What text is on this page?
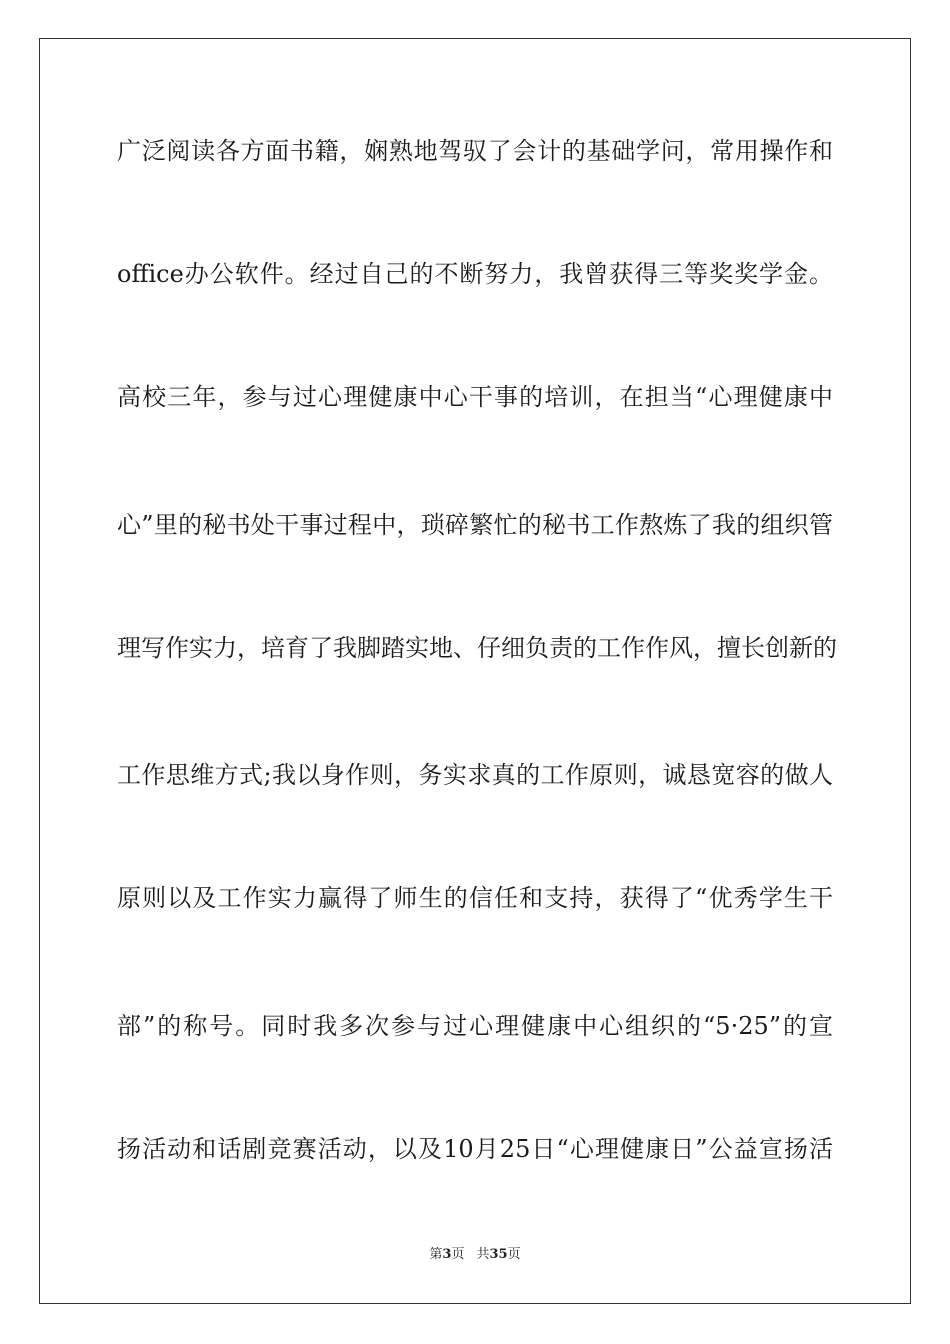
广泛阅读各方面书籍，娴熟地驾驭了会计的基础学问，常用操作和
office办公软件。经过自己的不断努力，我曾获得三等奖奖学金。
高校三年，参与过心理健康中心干事的培训，在担当“心理健康中
心”里的秘书处干事过程中，琐碎繁忙的秘书工作熬炼了我的组织管
理写作实力，培育了我脚踏实地、仔细负责的工作作风，擅长创新的
工作思维方式;我以身作则，务实求真的工作原则，诚恳宽容的做人
原则以及工作实力赢得了师生的信任和支持，获得了“优秀学生干
部”的称号。同时我多次参与过心理健康中心组织的“5·25”的宣
扬活动和话剧竞赛活动，以及10月25日“心理健康日”公益宣扬活
第3页 共35页
